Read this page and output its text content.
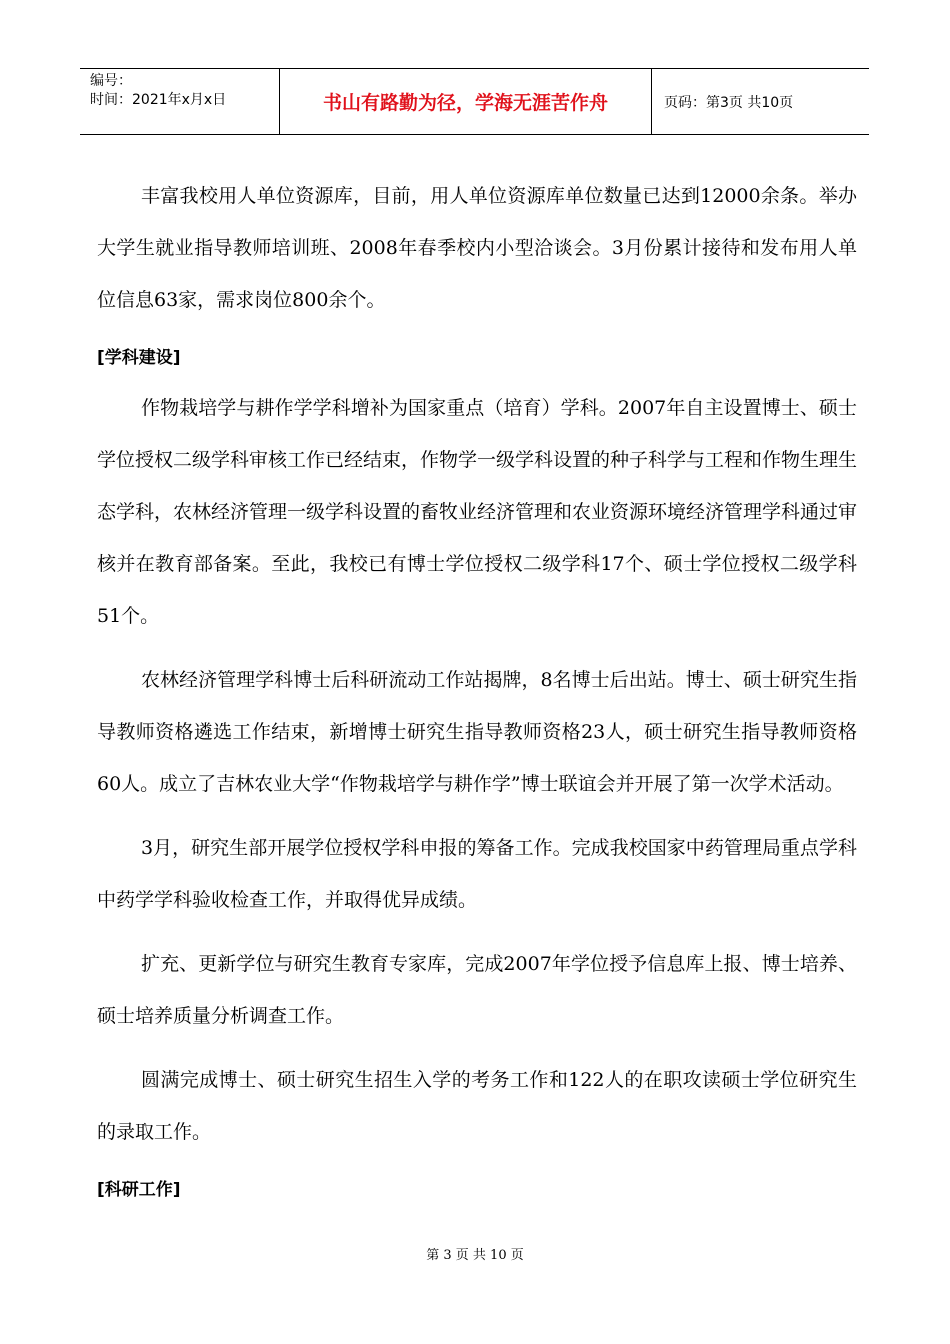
编号：
时间：2021年x月x日	书山有路勤为径，学海无涯苦作舟	页码：第3页 共10页

丰富我校用人单位资源库，目前，用人单位资源库单位数量已达到12000余条。举办大学生就业指导教师培训班、2008年春季校内小型洽谈会。3月份累计接待和发布用人单位信息63家，需求岗位800余个。

[学科建设]

作物栽培学与耕作学学科增补为国家重点（培育）学科。2007年自主设置博士、硕士学位授权二级学科审核工作已经结束，作物学一级学科设置的种子科学与工程和作物生理生态学科，农林经济管理一级学科设置的畜牧业经济管理和农业资源环境经济管理学科通过审核并在教育部备案。至此，我校已有博士学位授权二级学科17个、硕士学位授权二级学科51个。

农林经济管理学科博士后科研流动工作站揭牌，8名博士后出站。博士、硕士研究生指导教师资格遴选工作结束，新增博士研究生指导教师资格23人，硕士研究生指导教师资格60人。成立了吉林农业大学“作物栽培学与耕作学”博士联谊会并开展了第一次学术活动。

3月，研究生部开展学位授权学科申报的筹备工作。完成我校国家中药管理局重点学科中药学学科验收检查工作，并取得优异成绩。

扩充、更新学位与研究生教育专家库，完成2007年学位授予信息库上报、博士培养、硕士培养质量分析调查工作。

圆满完成博士、硕士研究生招生入学的考务工作和122人的在职攻读硕士学位研究生的录取工作。

[科研工作]
第 3 页 共 10 页
